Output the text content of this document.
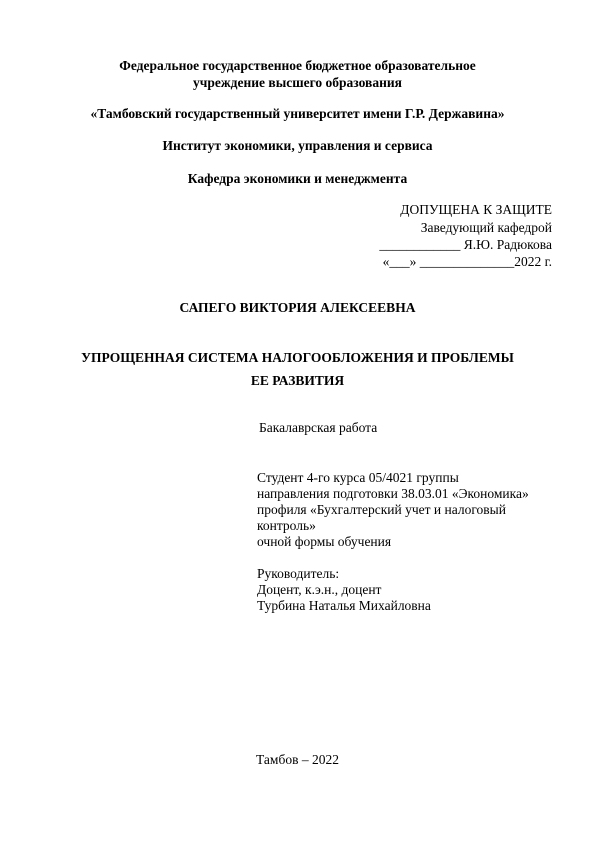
Федеральное государственное бюджетное образовательное
учреждение высшего образования
«Тамбовский государственный университет имени Г.Р. Державина»
Институт экономики, управления и сервиса
Кафедра экономики и менеджмента
ДОПУЩЕНА К ЗАЩИТЕ
Заведующий кафедрой
____________ Я.Ю. Радюкова
«___» ______________2022 г.
САПЕГО ВИКТОРИЯ АЛЕКСЕЕВНА
УПРОЩЕННАЯ СИСТЕМА НАЛОГООБЛОЖЕНИЯ И ПРОБЛЕМЫ
ЕЕ РАЗВИТИЯ
Бакалаврская работа
Студент 4-го курса 05/4021 группы
направления подготовки 38.03.01 «Экономика»
профиля «Бухгалтерский учет и налоговый
контроль»
очной формы обучения
Руководитель:
Доцент, к.э.н., доцент
Турбина Наталья Михайловна
Тамбов – 2022
